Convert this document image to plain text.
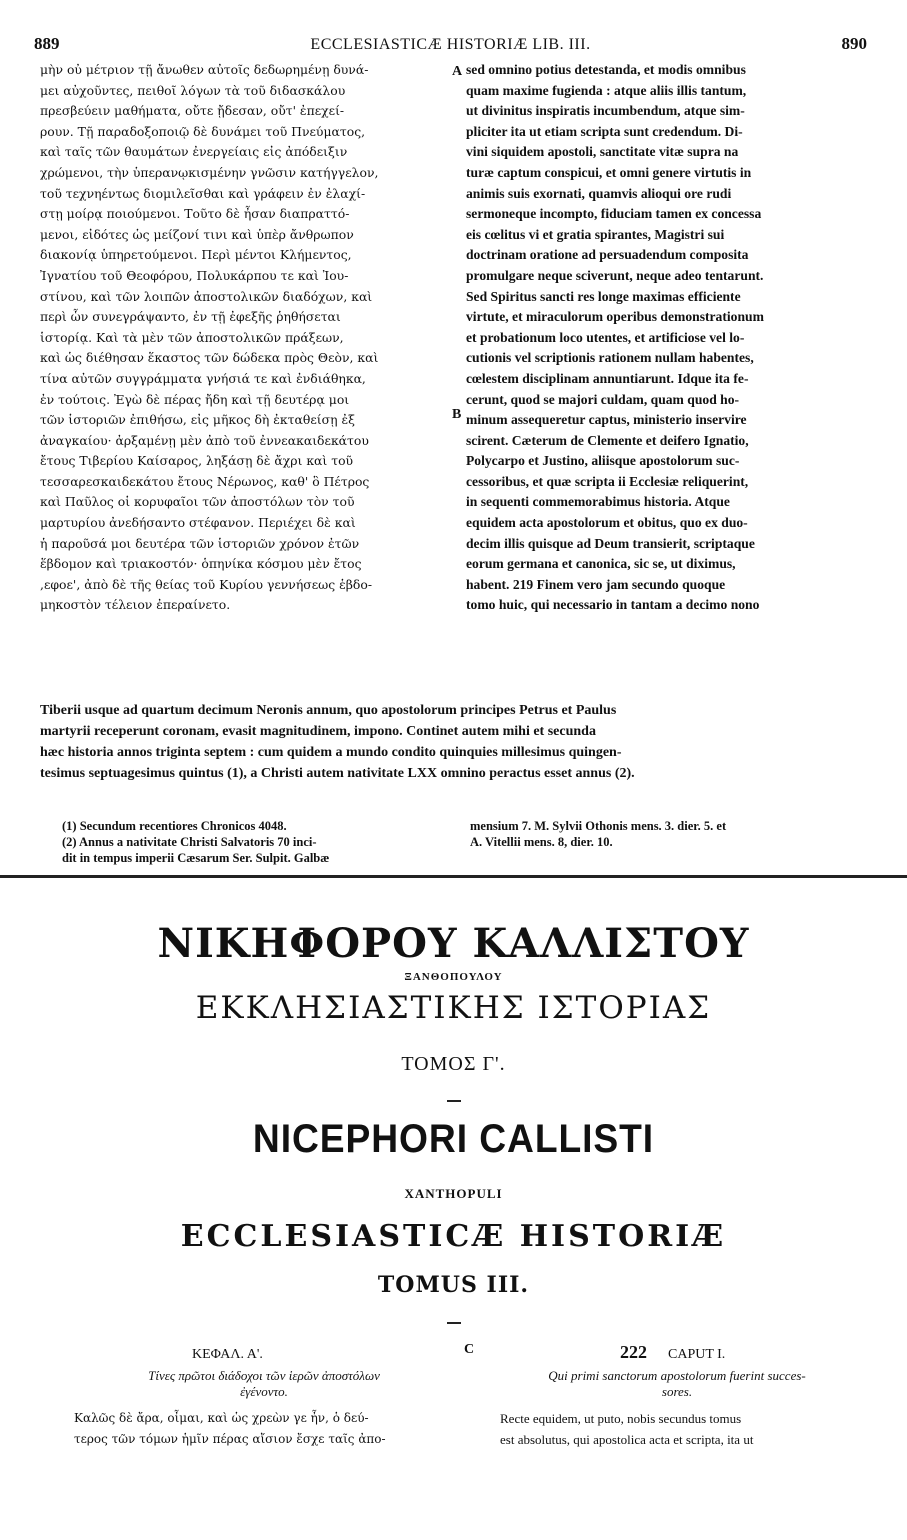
889	ECCLESIASTICÆ HISTORIÆ LIB. III.	890
μὴν οὐ μέτριον τῇ ἄνωθεν αὐτοῖς δεδωρημένῃ δυνά-
μει αὐχοῦντες, πειθοῖ λόγων τὰ τοῦ διδασκάλου
πρεσβεύειν μαθήματα, οὔτε ᾔδεσαν, οὔτ' ἐπεχεί-
ρουν. Τῇ παραδοξοποιῷ δὲ δυνάμει τοῦ Πνεύματος,
καὶ ταῖς τῶν θαυμάτων ἐνεργείαις εἰς ἀπόδειξιν
χρώμενοι, τὴν ὑπερανῳκισμένην γνῶσιν κατήγγελον,
τοῦ τεχνηέντως διομιλεῖσθαι καὶ γράφειν ἐν ἐλαχί-
στῃ μοίρᾳ ποιούμενοι. Τοῦτο δὲ ἦσαν διαπραττό-
μενοι, εἰδότες ὡς μείζονί τινι καὶ ὑπὲρ ἄνθρωπον
διακονίᾳ ὑπηρετούμενοι. Περὶ μέντοι Κλήμεντος,
Ἰγνατίου τοῦ Θεοφόρου, Πολυκάρπου τε καὶ Ἰου-
στίνου, καὶ τῶν λοιπῶν ἀποστολικῶν διαδόχων, καὶ
περὶ ὧν συνεγράψαντο, ἐν τῇ ἐφεξῆς ῥηθήσεται
ἱστορίᾳ. Καὶ τὰ μὲν τῶν ἀποστολικῶν πράξεων,
καὶ ὡς διέθησαν ἕκαστος τῶν δώδεκα πρὸς Θεὸν, καὶ
τίνα αὐτῶν συγγράμματα γνήσιά τε καὶ ἐνδιάθηκα,
ἐν τούτοις. Ἐγὼ δὲ πέρας ἤδη καὶ τῇ δευτέρᾳ μοι
τῶν ἱστοριῶν ἐπιθήσω, εἰς μῆκος δὴ ἐκταθείσῃ ἐξ
ἀναγκαίου· ἀρξαμένῃ μὲν ἀπὸ τοῦ ἐννεακαιδεκάτου
ἔτους Τιβερίου Καίσαρος, ληξάσῃ δὲ ἄχρι καὶ τοῦ
τεσσαρεσκαιδεκάτου ἔτους Νέρωνος, καθ' ὃ Πέτρος
καὶ Παῦλος οἱ κορυφαῖοι τῶν ἀποστόλων τὸν τοῦ
μαρτυρίου ἀνεδήσαντο στέφανον. Περιέχει δὲ καὶ
ἡ παροῦσά μοι δευτέρα τῶν ἱστοριῶν χρόνον ἐτῶν
ἕβδομον καὶ τριακοστόν· ὁπηνίκα κόσμου μὲν ἔτος
,εφοε', ἀπὸ δὲ τῆς θείας τοῦ Κυρίου γεννήσεως ἑβδο-
μηκοστὸν τέλειον ἐπεραίνετο.
sed omnino potius detestanda, et modis omnibus
quam maxime fugienda : atque aliis illis tantum,
ut divinitus inspiratis incumbendum, atque sim-
pliciter ita ut etiam scripta sunt credendum. Di-
vini siquidem apostoli, sanctitate vitæ supra na
turæ captum conspicui, et omni genere virtutis in
animis suis exornati, quamvis alioqui ore rudi
sermoneque incompto, fiduciam tamen ex concessa
eis cœlitus vi et gratia spirantes, Magistri sui
doctrinam oratione ad persuadendum composita
promulgare neque sciverunt, neque adeo tentarunt.
Sed Spiritus sancti res longe maximas efficiente
virtute, et miraculorum operibus demonstrationum
et probationum loco utentes, et artificiose vel lo-
cutionis vel scriptionis rationem nullam habentes,
cœlestem disciplinam annuntiarunt. Idque ita fe-
cerunt, quod se majori culdam, quam quod ho-
minum assequeretur captus, ministerio inservire
scirent. Cæterum de Clemente et deifero Ignatio,
Polycarpo et Justino, aliisque apostolorum suc-
cessoribus, et quæ scripta ii Ecclesiæ reliquerint,
in sequenti commemorabimus historia. Atque
equidem acta apostolorum et obitus, quo ex duo-
decim illis quisque ad Deum transierit, scriptaque
eorum germana et canonica, sic se, ut diximus,
habent. 219 Finem vero jam secundo quoque
tomo huic, qui necessario in tantam a decimo nono
A
B
Tiberii usque ad quartum decimum Neronis annum, quo apostolorum principes Petrus et Paulus
martyrii receperunt coronam, evasit magnitudinem, impono. Continet autem mihi et secunda
hæc historia annos triginta septem : cum quidem a mundo condito quinquies millesimus quingen-
tesimus septuagesimus quintus (1), a Christi autem nativitate LXX omnino peractus esset annus (2).
(1) Secundum recentiores Chronicos 4048.
(2) Annus a nativitate Christi Salvatoris 70 inci-
dit in tempus imperii Cæsarum Ser. Sulpit. Galbæ
mensium 7. M. Sylvii Othonis mens. 3. dier. 5. et
A. Vitellii mens. 8, dier. 10.
ΝΙΚΗΦΟΡΟΥ ΚΑΛΛΙΣΤΟΥ
ΞΑΝΘΟΠΟΥΛΟΥ
ΕΚΚΛΗΣΙΑΣΤΙΚΗΣ ΙΣΤΟΡΙΑΣ
ΤΟΜΟΣ Γ'.
NICEPHORI CALLISTI
XANTHOPULI
ECCLESIASTICÆ HISTORIÆ
TOMUS III.
ΚΕΦΑΛ. Α'.	C	222 CAPUT I.
Τίνες πρῶτοι διάδοχοι τῶν ἱερῶν ἀποστόλων
ἐγένοντο.
Qui primi sanctorum apostolorum fuerint succes-
sores.
Καλῶς δὲ ἄρα, οἶμαι, καὶ ὡς χρεὼν γε ἦν, ὁ δεύ-
τερος τῶν τόμων ἡμῖν πέρας αἴσιον ἔσχε ταῖς ἀπο-
Recte equidem, ut puto, nobis secundus tomus
est absolutus, qui apostolica acta et scripta, ita ut
